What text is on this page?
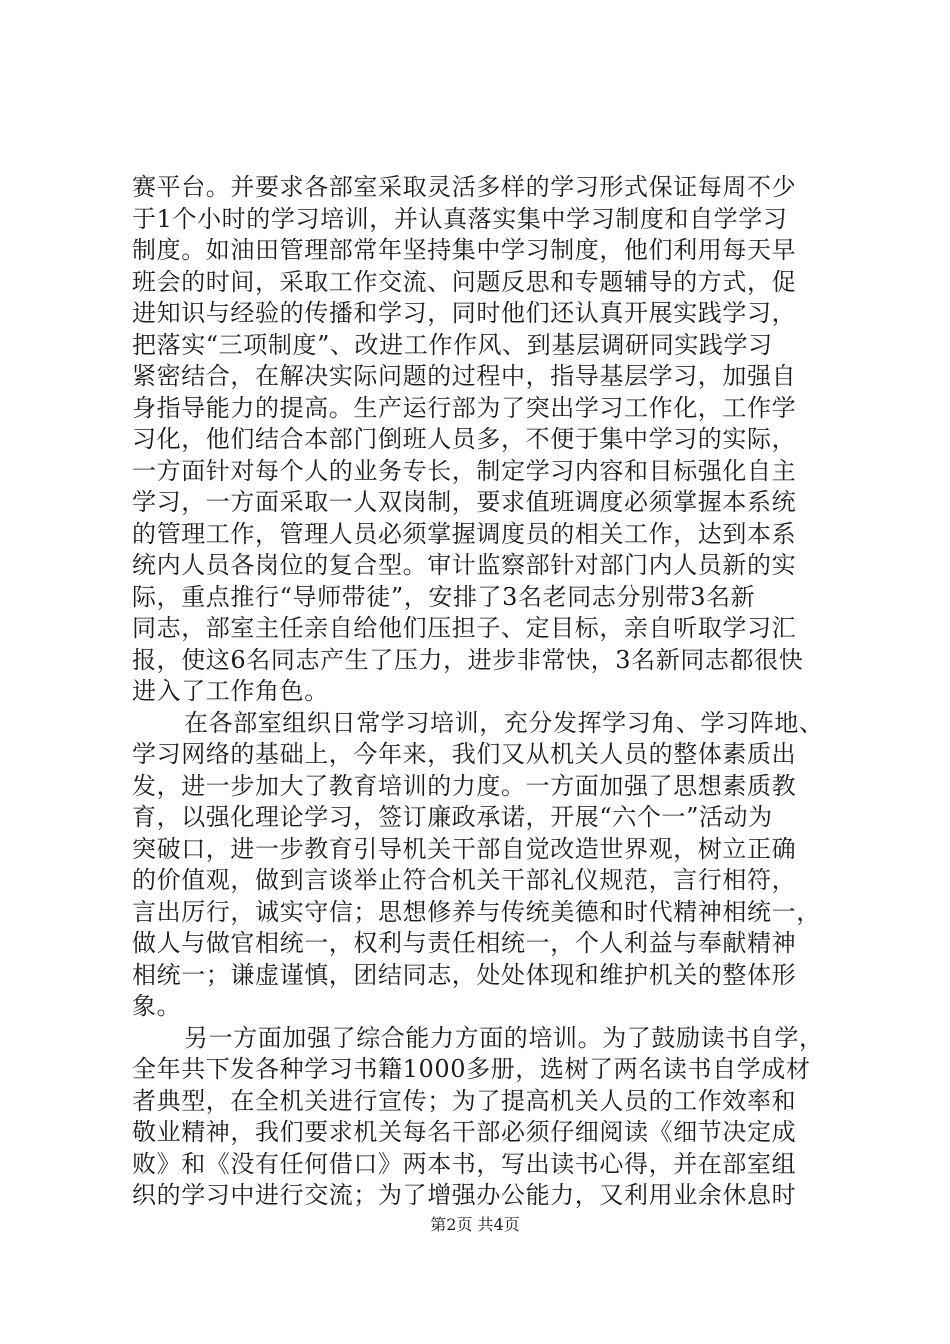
赛平台。并要求各部室采取灵活多样的学习形式保证每周不少
于1个小时的学习培训，并认真落实集中学习制度和自学学习
制度。如油田管理部常年坚持集中学习制度，他们利用每天早
班会的时间，采取工作交流、问题反思和专题辅导的方式，促
进知识与经验的传播和学习，同时他们还认真开展实践学习，
把落实“三项制度”、改进工作作风、到基层调研同实践学习
紧密结合，在解决实际问题的过程中，指导基层学习，加强自
身指导能力的提高。生产运行部为了突出学习工作化，工作学
习化，他们结合本部门倒班人员多，不便于集中学习的实际，
一方面针对每个人的业务专长，制定学习内容和目标强化自主
学习，一方面采取一人双岗制，要求值班调度必须掌握本系统
的管理工作，管理人员必须掌握调度员的相关工作，达到本系
统内人员各岗位的复合型。审计监察部针对部门内人员新的实
际，重点推行“导师带徒”，安排了3名老同志分别带3名新
同志，部室主任亲自给他们压担子、定目标，亲自听取学习汇
报，使这6名同志产生了压力，进步非常快，3名新同志都很快
进入了工作角色。
在各部室组织日常学习培训，充分发挥学习角、学习阵地、
学习网络的基础上，今年来，我们又从机关人员的整体素质出
发，进一步加大了教育培训的力度。一方面加强了思想素质教
育，以强化理论学习，签订廉政承诺，开展“六个一”活动为
突破口，进一步教育引导机关干部自觉改造世界观，树立正确
的价值观，做到言谈举止符合机关干部礼仪规范，言行相符，
言出厉行，诚实守信；思想修养与传统美德和时代精神相统一，
做人与做官相统一，权利与责任相统一，个人利益与奉献精神
相统一；谦虚谨慎，团结同志，处处体现和维护机关的整体形
象。
另一方面加强了综合能力方面的培训。为了鼓励读书自学，
全年共下发各种学习书籍1000多册，选树了两名读书自学成材
者典型，在全机关进行宣传；为了提高机关人员的工作效率和
敬业精神，我们要求机关每名干部必须仔细阅读《细节决定成
败》和《没有任何借口》两本书，写出读书心得，并在部室组
织的学习中进行交流；为了增强办公能力，又利用业余休息时
第2页 共4页
